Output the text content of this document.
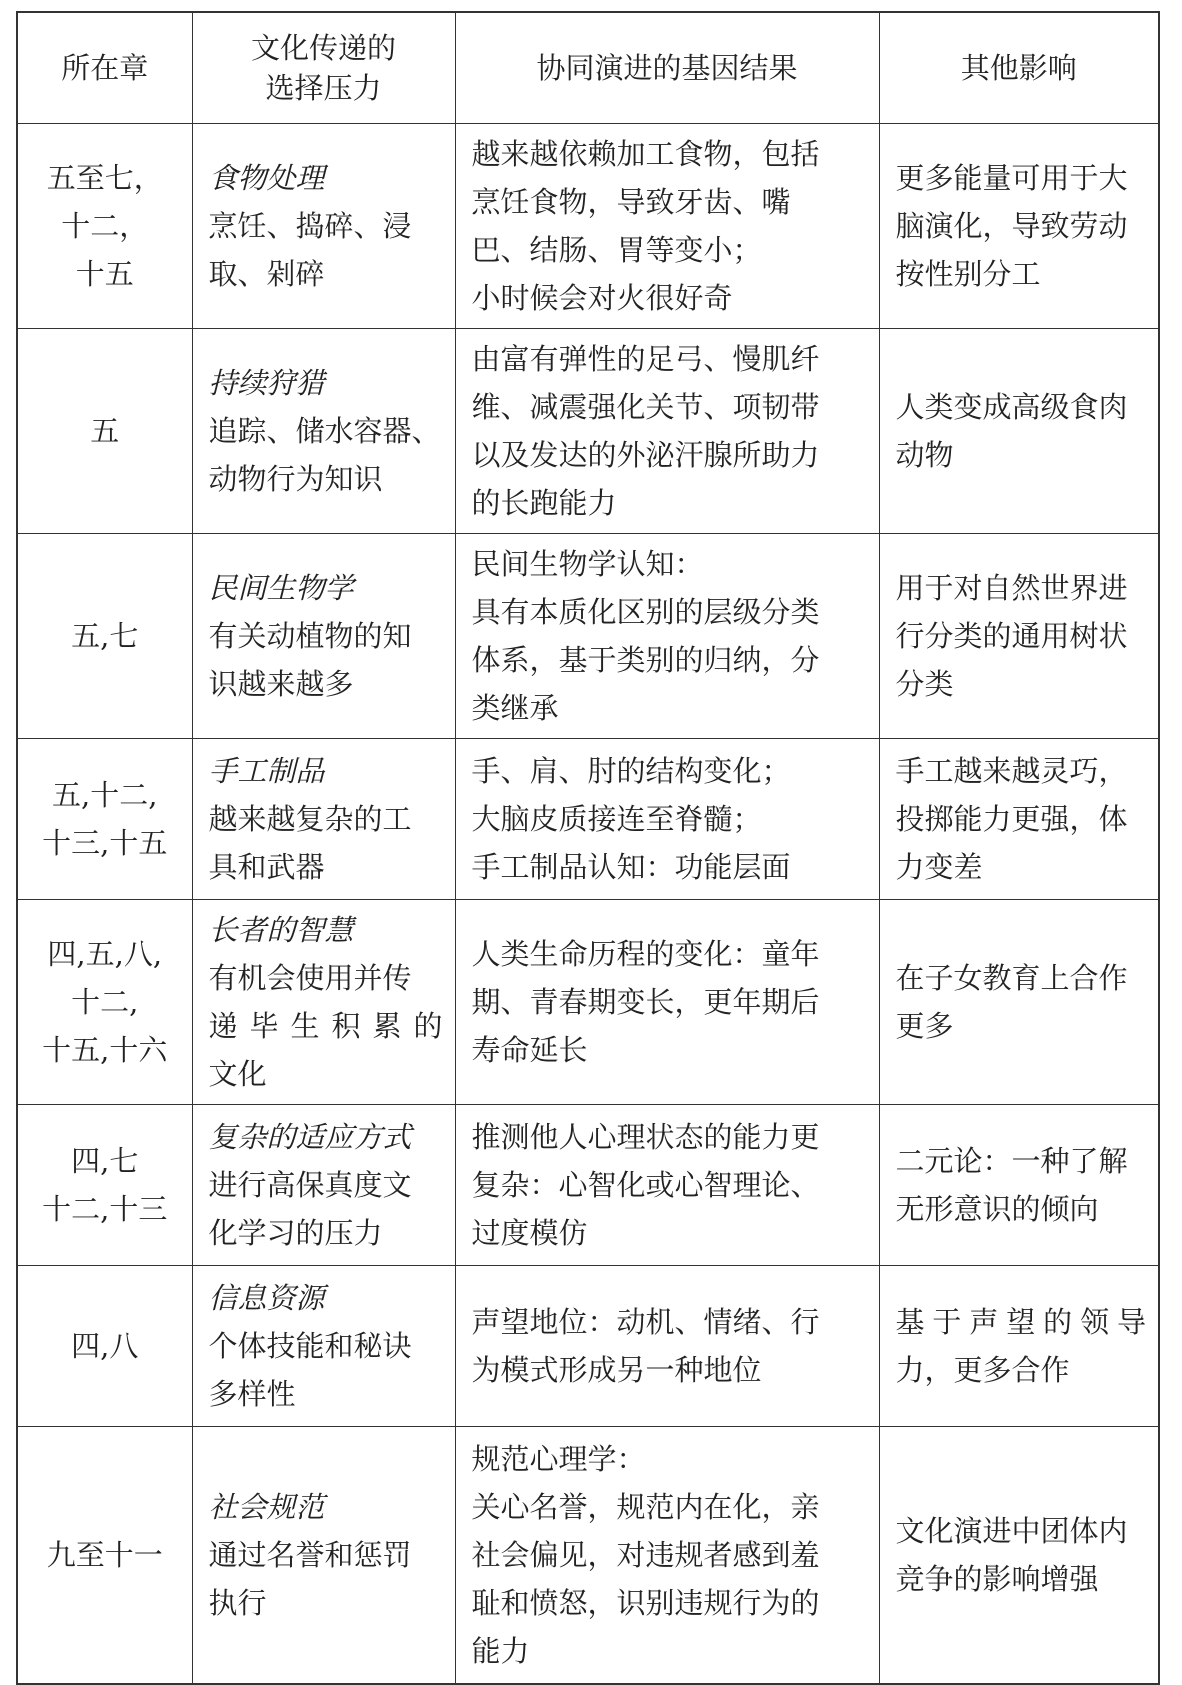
所在章	文化传递的
选择压力	协同演进的基因结果	其他影响

五至七，
十二，
十五	食物处理
烹饪、捣碎、浸
取、剁碎	越来越依赖加工食物，包括
烹饪食物，导致牙齿、嘴
巴、结肠、胃等变小；
小时候会对火很好奇	更多能量可用于大
脑演化，导致劳动
按性别分工

五	持续狩猎
追踪、储水容器、
动物行为知识	由富有弹性的足弓、慢肌纤
维、减震强化关节、项韧带
以及发达的外泌汗腺所助力
的长跑能力	人类变成高级食肉
动物

五,七	民间生物学
有关动植物的知
识越来越多	民间生物学认知：
具有本质化区别的层级分类
体系，基于类别的归纳，分
类继承	用于对自然世界进
行分类的通用树状
分类

五,十二,
十三,十五	手工制品
越来越复杂的工
具和武器	手、肩、肘的结构变化；
大脑皮质接连至脊髓；
手工制品认知：功能层面	手工越来越灵巧，
投掷能力更强，体
力变差

四,五,八,
十二,
十五,十六	长者的智慧
有机会使用并传
递毕生积累的
文化	人类生命历程的变化：童年
期、青春期变长，更年期后
寿命延长	在子女教育上合作
更多

四,七
十二,十三	复杂的适应方式
进行高保真度文
化学习的压力	推测他人心理状态的能力更
复杂：心智化或心智理论、
过度模仿	二元论：一种了解
无形意识的倾向

四,八	信息资源
个体技能和秘诀
多样性	声望地位：动机、情绪、行
为模式形成另一种地位	基于声望的领导
力，更多合作

九至十一	社会规范
通过名誉和惩罚
执行	规范心理学：
关心名誉，规范内在化，亲
社会偏见，对违规者感到羞
耻和愤怒，识别违规行为的
能力	文化演进中团体内
竞争的影响增强
